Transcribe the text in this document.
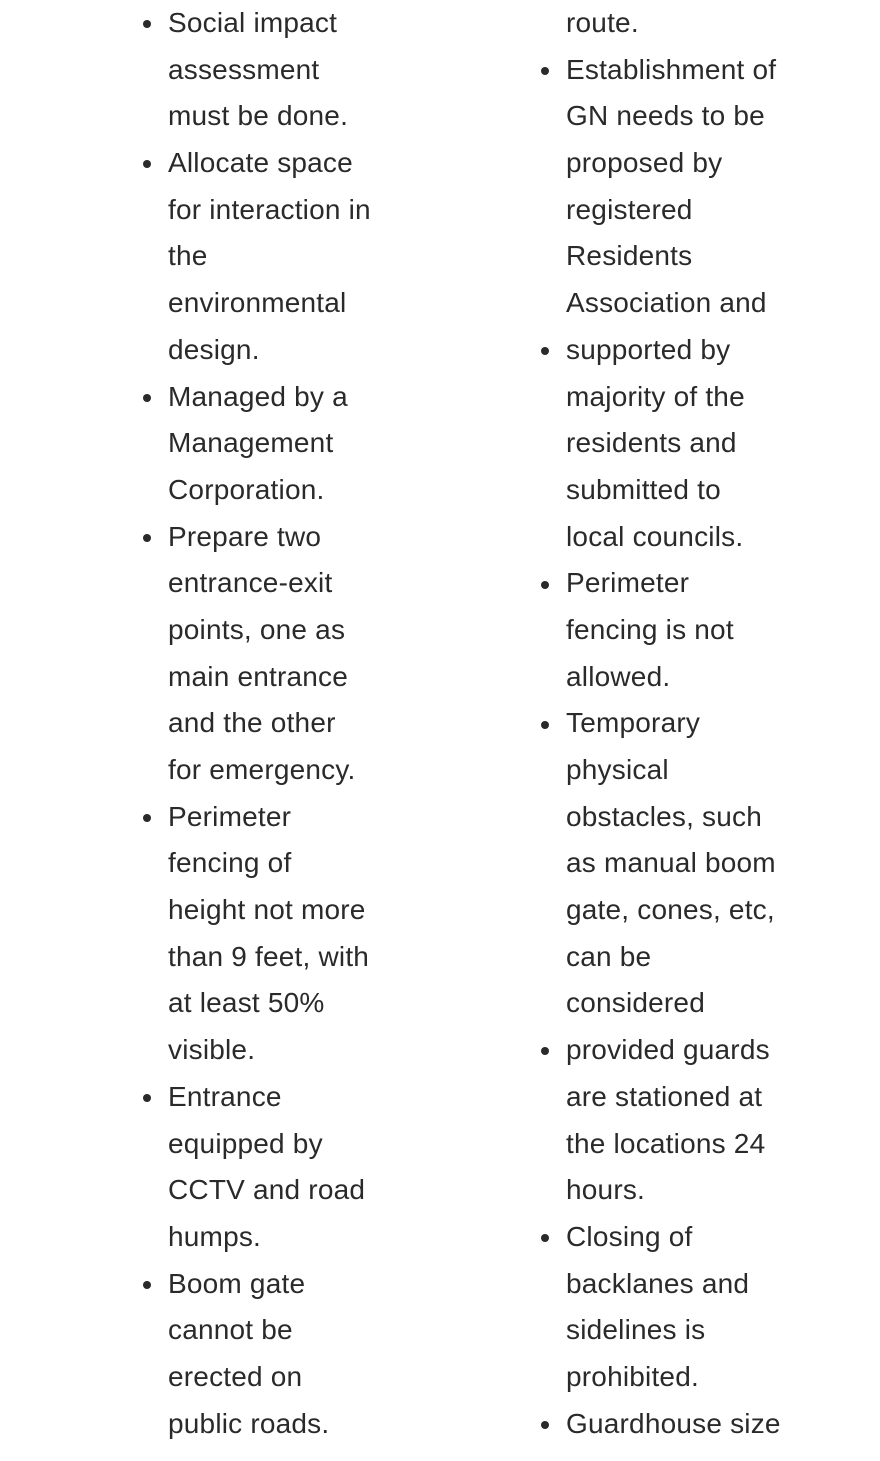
Social impact
assessment
must be done.
Allocate space
for interaction in
the
environmental
design.
Managed by a
Management
Corporation.
Prepare two
entrance-exit
points, one as
main entrance
and the other
for emergency.
Perimeter
fencing of
height not more
than 9 feet, with
at least 50%
visible.
Entrance
equipped by
CCTV and road
humps.
Boom gate
cannot be
erected on
public roads.
route.
Establishment of
GN needs to be
proposed by
registered
Residents
Association and
supported by
majority of the
residents and
submitted to
local councils.
Perimeter
fencing is not
allowed.
Temporary
physical
obstacles, such
as manual boom
gate, cones, etc,
can be
considered
provided guards
are stationed at
the locations 24
hours.
Closing of
backlanes and
sidelines is
prohibited.
Guardhouse size
